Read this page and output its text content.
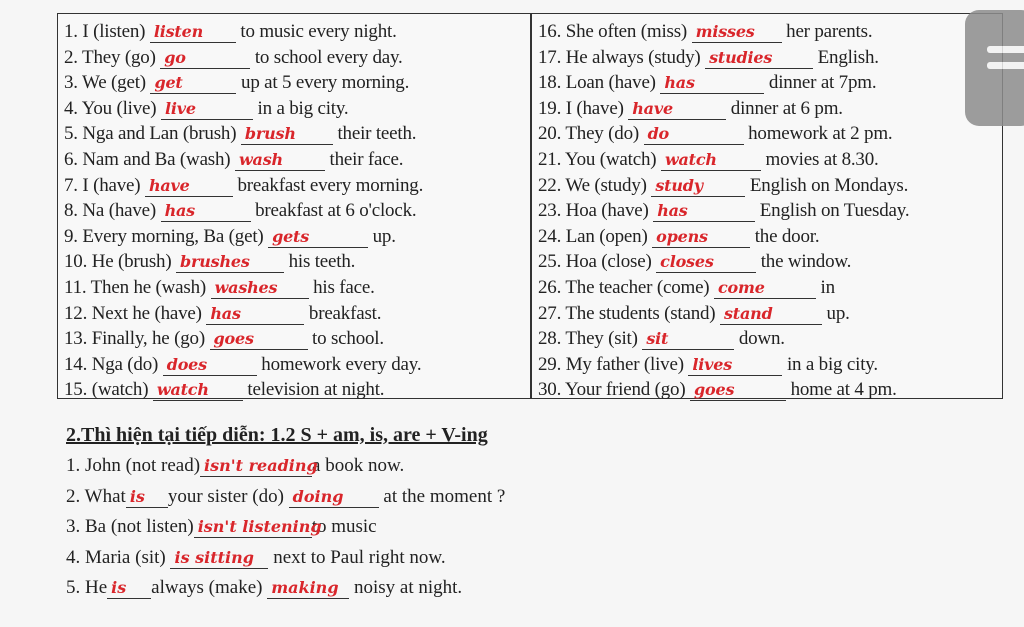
1. I (listen) listen to music every night.
2. They (go) go	to school every day.
3. We (get) get	up at 5 every morning.
4. You (live) live	in a big city.
5. Nga and Lan (brush) brush their teeth.
6. Nam and Ba (wash) wash their face.
7. I (have) have breakfast every morning.
8. Na (have) has	breakfast at 6 o'clock.
9. Every morning, Ba (get) gets	up.
10. He (brush) brushes his teeth.
11. Then he (wash) washes his face.
12. Next he (have) has	breakfast.
13. Finally, he (go) goes	to school.
14. Nga (do) does	homework every day.
15. (watch) watch television at night.
16. She often (miss) misses her parents.
17. He always (study) studies English.
18. Loan (have) has	dinner at 7pm.
19. I (have) have	dinner at 6 pm.
20. They (do) do	homework at 2 pm.
21. You (watch) watch movies at 8.30.
22. We (study) study English on Mondays.
23. Hoa (have) has	English on Tuesday.
24. Lan (open) opens the door.
25. Hoa (close) closes the window.
26. The teacher (come) come	in
27. The students (stand) stand	up.
28. They (sit) sit	down.
29. My father (live) lives	in a big city.
30. Your friend (go) goes	home at 4 pm.
2.Thì hiện tại tiếp diễn: 1.2 S + am, is, are + V-ing
1. John (not read) isn't readinga book now.
2. What is your sister (do) doing at the moment ?
3. Ba (not listen) isn't listeningto music
4. Maria (sit) is sitting next to Paul right now.
5. He is always (make) making noisy at night.
